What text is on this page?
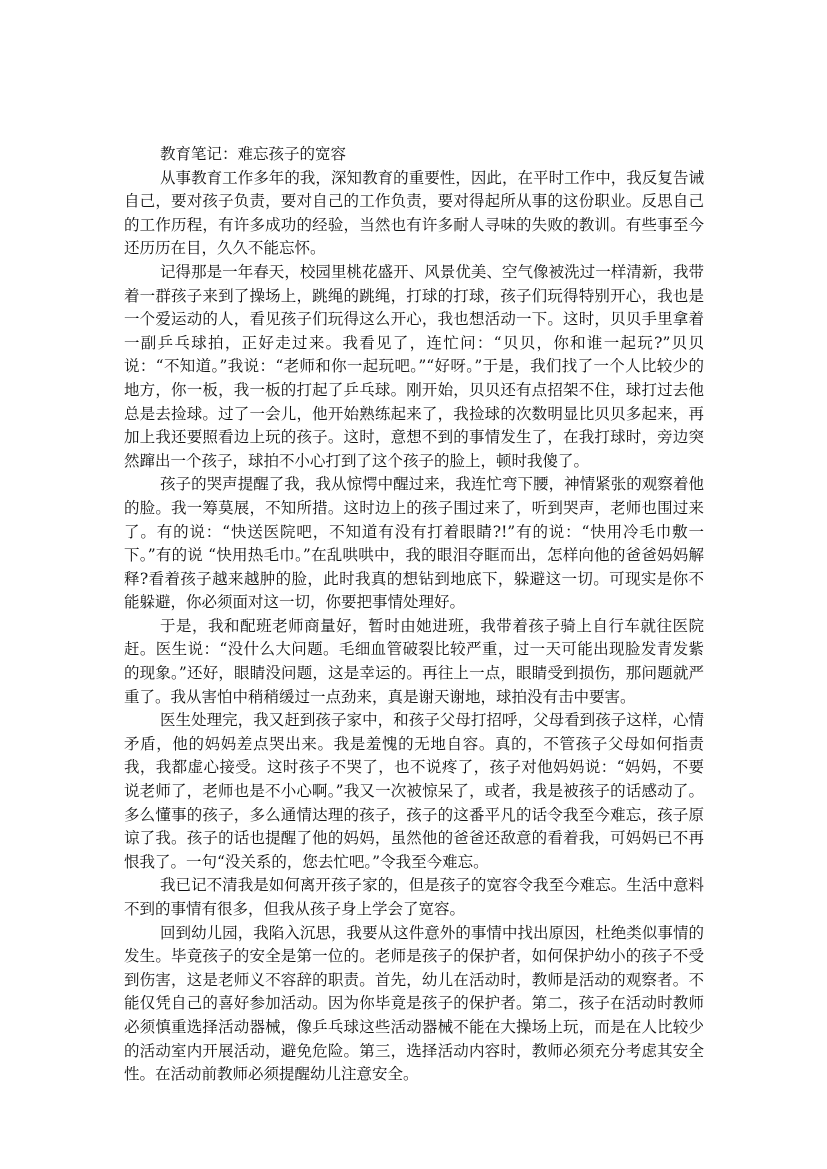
教育笔记：难忘孩子的宽容

从事教育工作多年的我，深知教育的重要性，因此，在平时工作中，我反复告诫自己，要对孩子负责，要对自己的工作负责，要对得起所从事的这份职业。反思自己的工作历程，有许多成功的经验，当然也有许多耐人寻味的失败的教训。有些事至今还历历在目，久久不能忘怀。

记得那是一年春天，校园里桃花盛开、风景优美、空气像被洗过一样清新，我带着一群孩子来到了操场上，跳绳的跳绳，打球的打球，孩子们玩得特别开心，我也是一个爱运动的人，看见孩子们玩得这么开心，我也想活动一下。这时，贝贝手里拿着一副乒乓球拍，正好走过来。我看见了，连忙问：“贝贝，你和谁一起玩?”贝贝说：“不知道。”我说：“老师和你一起玩吧。”“好呀。”于是，我们找了一个人比较少的地方，你一板，我一板的打起了乒乓球。刚开始，贝贝还有点招架不住，球打过去他总是去捡球。过了一会儿，他开始熟练起来了，我捡球的次数明显比贝贝多起来，再加上我还要照看边上玩的孩子。这时，意想不到的事情发生了，在我打球时，旁边突然蹿出一个孩子，球拍不小心打到了这个孩子的脸上，顿时我傻了。

孩子的哭声提醒了我，我从惊愕中醒过来，我连忙弯下腰，神情紧张的观察着他的脸。我一筹莫展，不知所措。这时边上的孩子围过来了，听到哭声，老师也围过来了。有的说：“快送医院吧，不知道有没有打着眼睛?!”有的说：“快用冷毛巾敷一下。”有的说 “快用热毛巾。”在乱哄哄中，我的眼泪夺眶而出，怎样向他的爸爸妈妈解释?看着孩子越来越肿的脸，此时我真的想钻到地底下，躲避这一切。可现实是你不能躲避，你必须面对这一切，你要把事情处理好。

于是，我和配班老师商量好，暂时由她进班，我带着孩子骑上自行车就往医院赶。医生说：“没什么大问题。毛细血管破裂比较严重，过一天可能出现脸发青发紫的现象。”还好，眼睛没问题，这是幸运的。再往上一点，眼睛受到损伤，那问题就严重了。我从害怕中稍稍缓过一点劲来，真是谢天谢地，球拍没有击中要害。

医生处理完，我又赶到孩子家中，和孩子父母打招呼，父母看到孩子这样，心情矛盾，他的妈妈差点哭出来。我是羞愧的无地自容。真的，不管孩子父母如何指责我，我都虚心接受。这时孩子不哭了，也不说疼了，孩子对他妈妈说：“妈妈，不要说老师了，老师也是不小心啊。”我又一次被惊呆了，或者，我是被孩子的话感动了。多么懂事的孩子，多么通情达理的孩子，孩子的这番平凡的话令我至今难忘，孩子原谅了我。孩子的话也提醒了他的妈妈，虽然他的爸爸还敌意的看着我，可妈妈已不再恨我了。一句“没关系的，您去忙吧。”令我至今难忘。

我已记不清我是如何离开孩子家的，但是孩子的宽容令我至今难忘。生活中意料不到的事情有很多，但我从孩子身上学会了宽容。

回到幼儿园，我陷入沉思，我要从这件意外的事情中找出原因，杜绝类似事情的发生。毕竟孩子的安全是第一位的。老师是孩子的保护者，如何保护幼小的孩子不受到伤害，这是老师义不容辞的职责。首先，幼儿在活动时，教师是活动的观察者。不能仅凭自己的喜好参加活动。因为你毕竟是孩子的保护者。第二，孩子在活动时教师必须慎重选择活动器械，像乒乓球这些活动器械不能在大操场上玩，而是在人比较少的活动室内开展活动，避免危险。第三，选择活动内容时，教师必须充分考虑其安全性。在活动前教师必须提醒幼儿注意安全。
